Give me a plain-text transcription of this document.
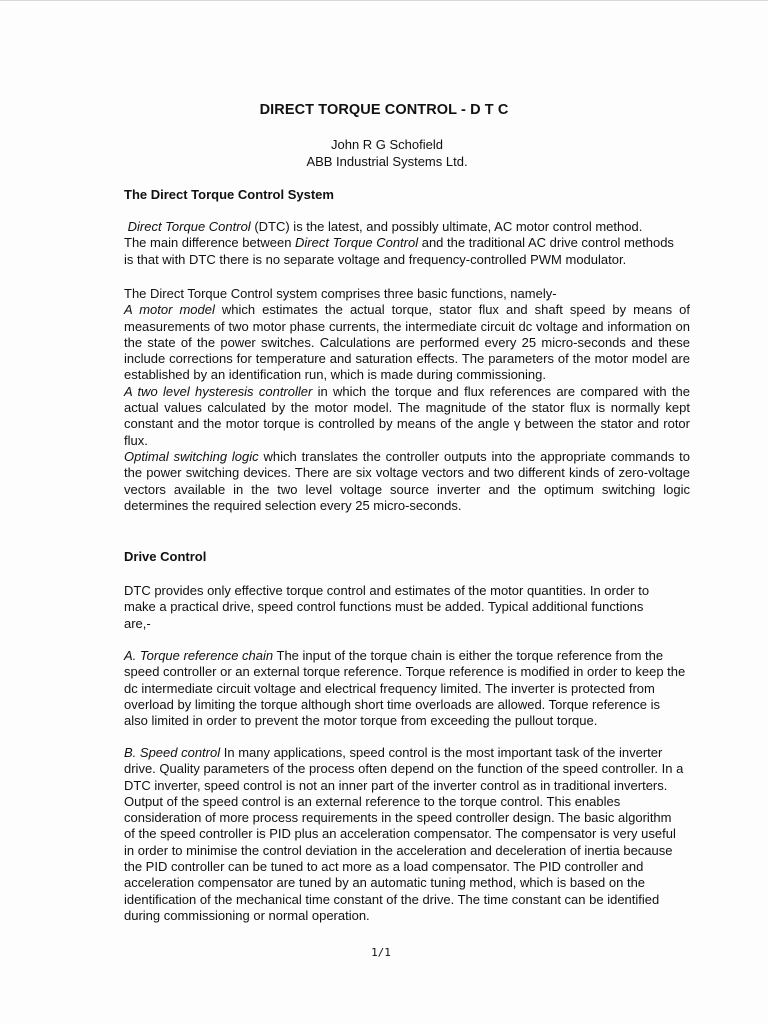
DIRECT TORQUE CONTROL - D T C
John R G Schofield
ABB Industrial Systems Ltd.
The Direct Torque Control System

Direct Torque Control (DTC) is the latest, and possibly ultimate, AC motor control method.

The main difference between Direct Torque Control and the traditional AC drive control methods

is that with DTC there is no separate voltage and frequency-controlled PWM modulator.

The Direct Torque Control system comprises three basic functions, namely-

A motor model which estimates the actual torque, stator flux and shaft speed by means of measurements of two motor phase currents, the intermediate circuit dc voltage and information on the state of the power switches. Calculations are performed every 25 micro-seconds and these include corrections for temperature and saturation effects. The parameters of the motor model are established by an identification run, which is made during commissioning.

A two level hysteresis controller in which the torque and flux references are compared with the actual values calculated by the motor model. The magnitude of the stator flux is normally kept constant and the motor torque is controlled by means of the angle γ between the stator and rotor flux.

Optimal switching logic which translates the controller outputs into the appropriate commands to the power switching devices. There are six voltage vectors and two different kinds of zero-voltage vectors available in the two level voltage source inverter and the optimum switching logic determines the required selection every 25 micro-seconds.

Drive Control

DTC provides only effective torque control and estimates of the motor quantities. In order to make a practical drive, speed control functions must be added. Typical additional functions are,-

A. Torque reference chain The input of the torque chain is either the torque reference from the speed controller or an external torque reference. Torque reference is modified in order to keep the dc intermediate circuit voltage and electrical frequency limited. The inverter is protected from overload by limiting the torque although short time overloads are allowed. Torque reference is also limited in order to prevent the motor torque from exceeding the pullout torque.

B. Speed control In many applications, speed control is the most important task of the inverter drive. Quality parameters of the process often depend on the function of the speed controller. In a DTC inverter, speed control is not an inner part of the inverter control as in traditional inverters. Output of the speed control is an external reference to the torque control. This enables consideration of more process requirements in the speed controller design. The basic algorithm of the speed controller is PID plus an acceleration compensator. The compensator is very useful in order to minimise the control deviation in the acceleration and deceleration of inertia because the PID controller can be tuned to act more as a load compensator. The PID controller and acceleration compensator are tuned by an automatic tuning method, which is based on the identification of the mechanical time constant of the drive. The time constant can be identified during commissioning or normal operation.

1/1
